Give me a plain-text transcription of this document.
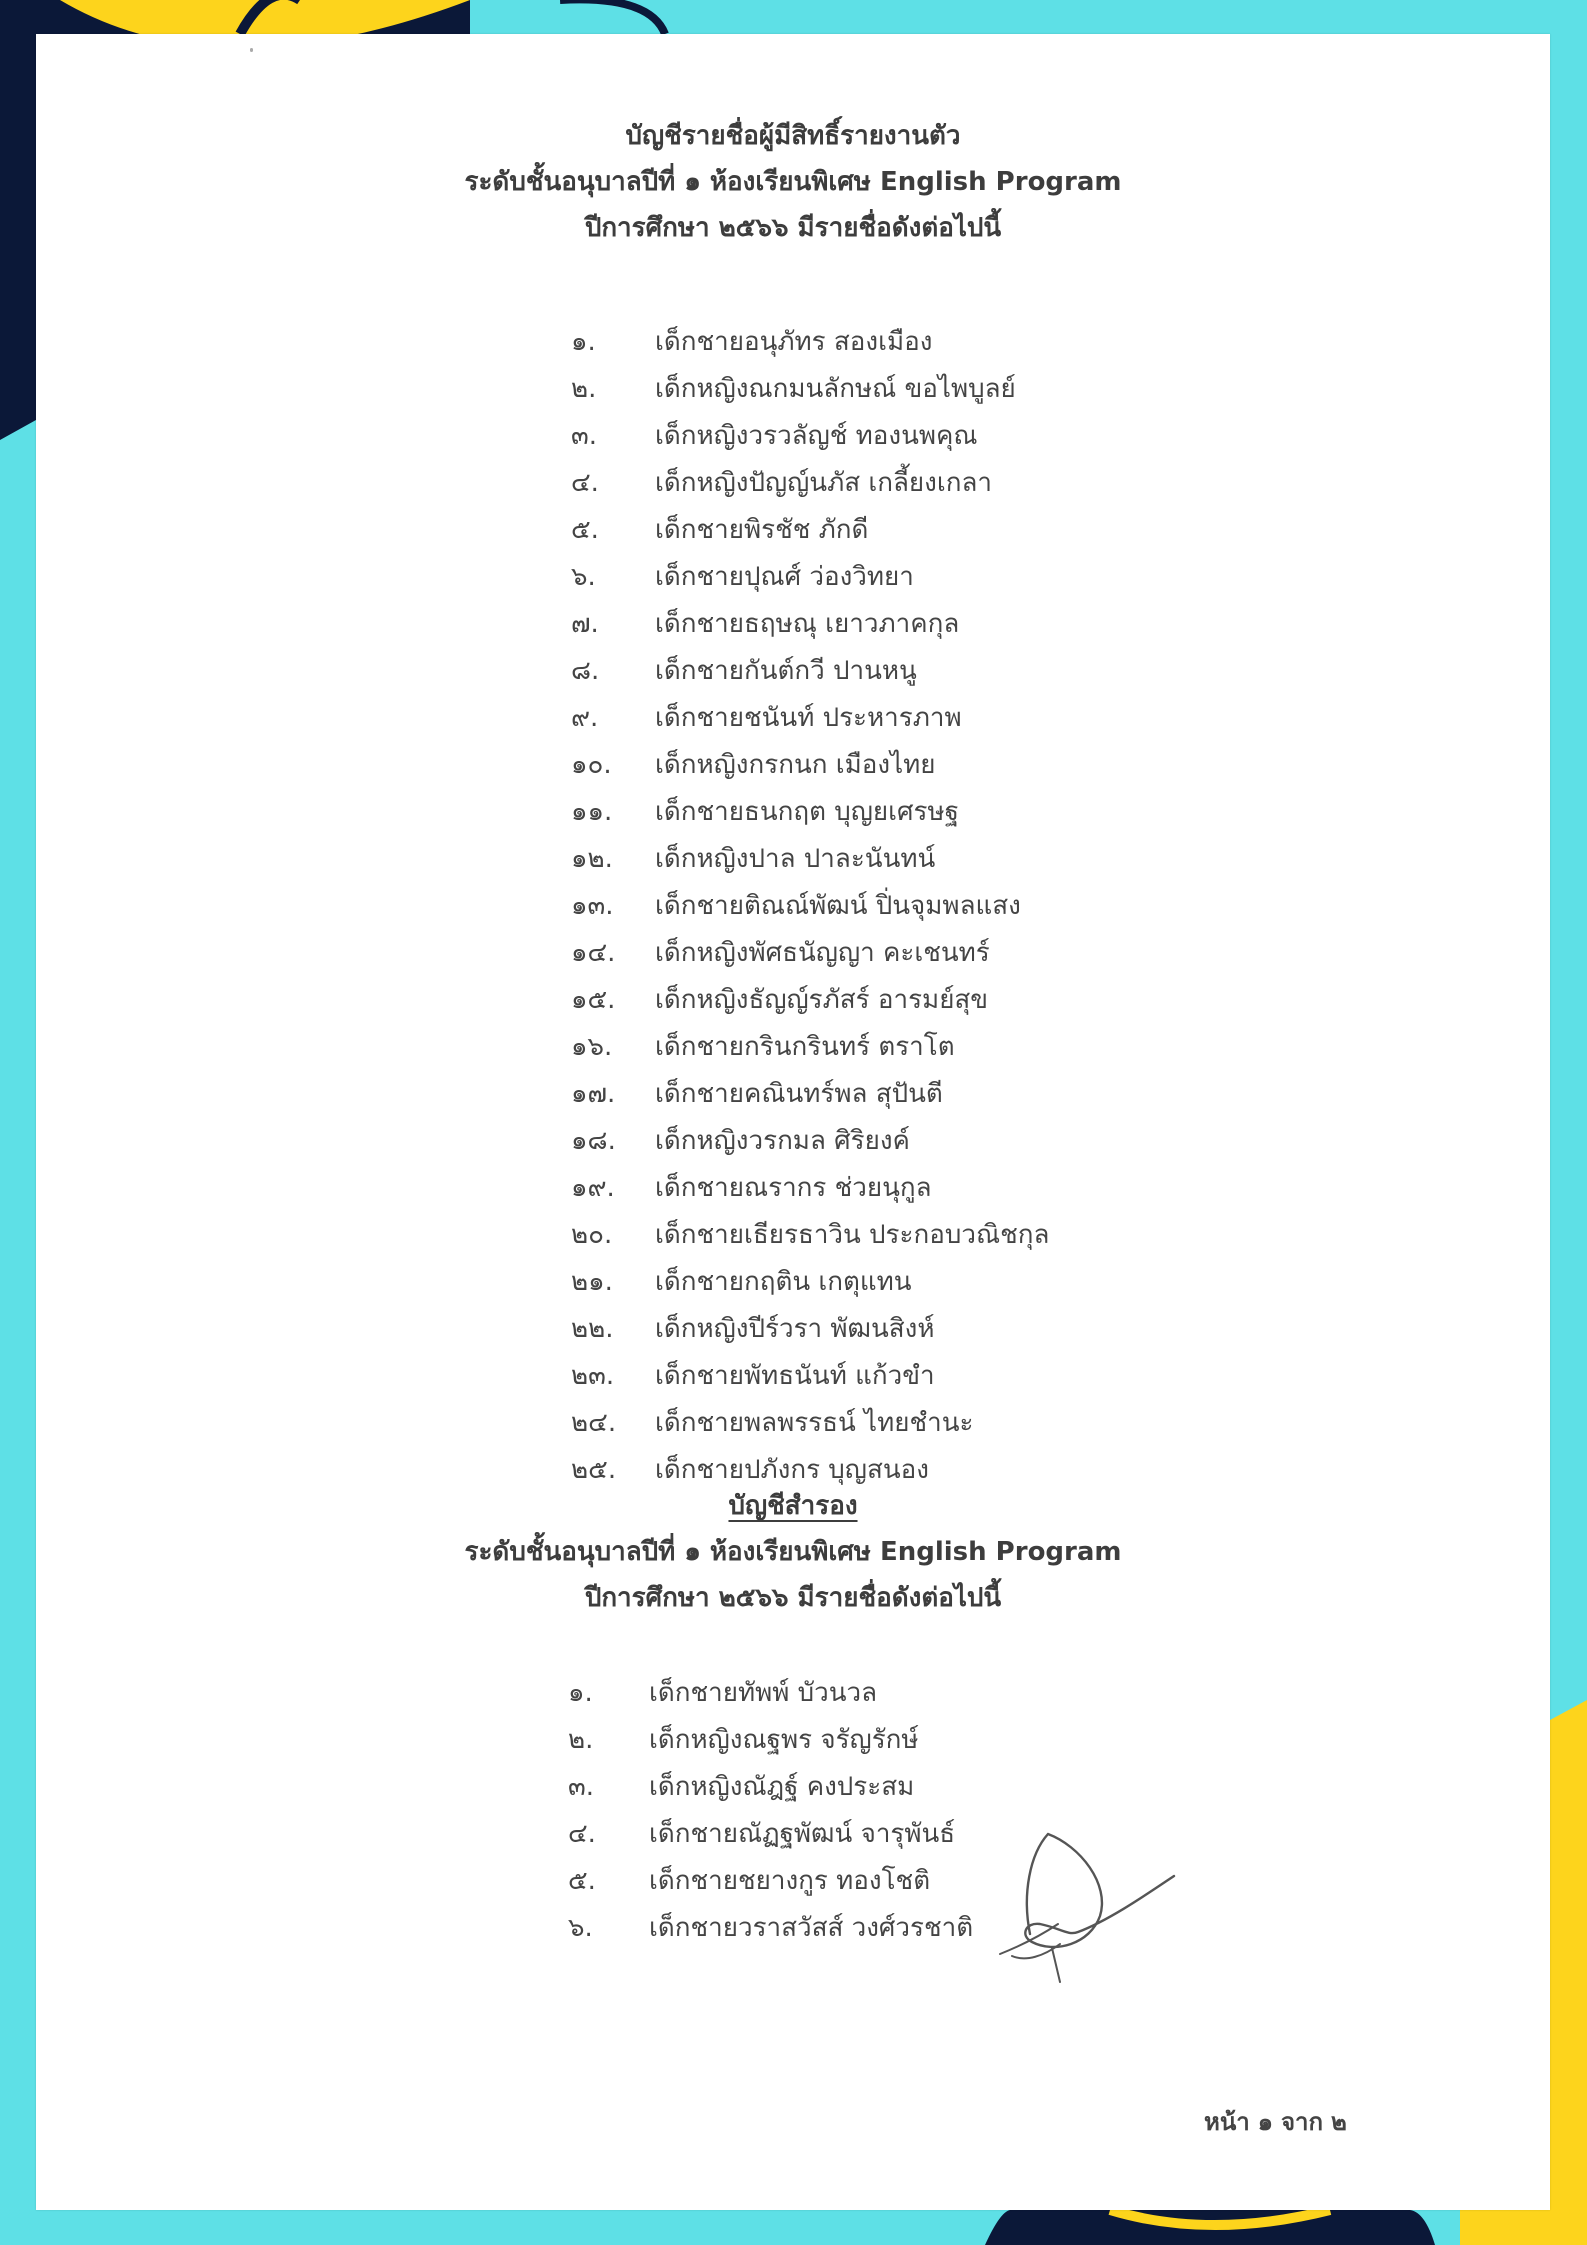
บัญชีรายชื่อผู้มีสิทธิ์รายงานตัว
ระดับชั้นอนุบาลปีที่ ๑ ห้องเรียนพิเศษ English Program
ปีการศึกษา ๒๕๖๖ มีรายชื่อดังต่อไปนี้
๑. เด็กชายอนุภัทร สองเมือง
๒. เด็กหญิงณกมนลักษณ์ ขอไพบูลย์
๓. เด็กหญิงวรวลัญช์ ทองนพคุณ
๔. เด็กหญิงปัญญ์นภัส เกลี้ยงเกลา
๕. เด็กชายพิรชัช ภักดี
๖. เด็กชายปุณศ์ ว่องวิทยา
๗. เด็กชายธฤษณุ เยาวภาคกุล
๘. เด็กชายกันต์กวี ปานหนู
๙. เด็กชายชนันท์ ประหารภาพ
๑๐. เด็กหญิงกรกนก เมืองไทย
๑๑. เด็กชายธนกฤต บุญยเศรษฐ
๑๒. เด็กหญิงปาล ปาละนันทน์
๑๓. เด็กชายติณณ์พัฒน์ ปิ่นจุมพลแสง
๑๔. เด็กหญิงพัศธนัญญา คะเชนทร์
๑๕. เด็กหญิงธัญญ์รภัสร์ อารมย์สุข
๑๖. เด็กชายกรินกรินทร์ ตราโต
๑๗. เด็กชายคณินทร์พล สุปันตี
๑๘. เด็กหญิงวรกมล ศิริยงค์
๑๙. เด็กชายณรากร ช่วยนุกูล
๒๐. เด็กชายเธียรธาวิน ประกอบวณิชกุล
๒๑. เด็กชายกฤติน เกตุแทน
๒๒. เด็กหญิงปีร์วรา พัฒนสิงห์
๒๓. เด็กชายพัทธนันท์ แก้วขำ
๒๔. เด็กชายพลพรรธน์ ไทยชำนะ
๒๕. เด็กชายปภังกร บุญสนอง
บัญชีสำรอง
ระดับชั้นอนุบาลปีที่ ๑ ห้องเรียนพิเศษ English Program
ปีการศึกษา ๒๕๖๖ มีรายชื่อดังต่อไปนี้
๑. เด็กชายทัพพ์ บัวนวล
๒. เด็กหญิงณฐพร จรัญรักษ์
๓. เด็กหญิงณัฎฐ์ คงประสม
๔. เด็กชายณัฏฐพัฒน์ จารุพันธ์
๕. เด็กชายชยางกูร ทองโชติ
๖. เด็กชายวราสวัสส์ วงศ์วรชาติ
หน้า ๑ จาก ๒
